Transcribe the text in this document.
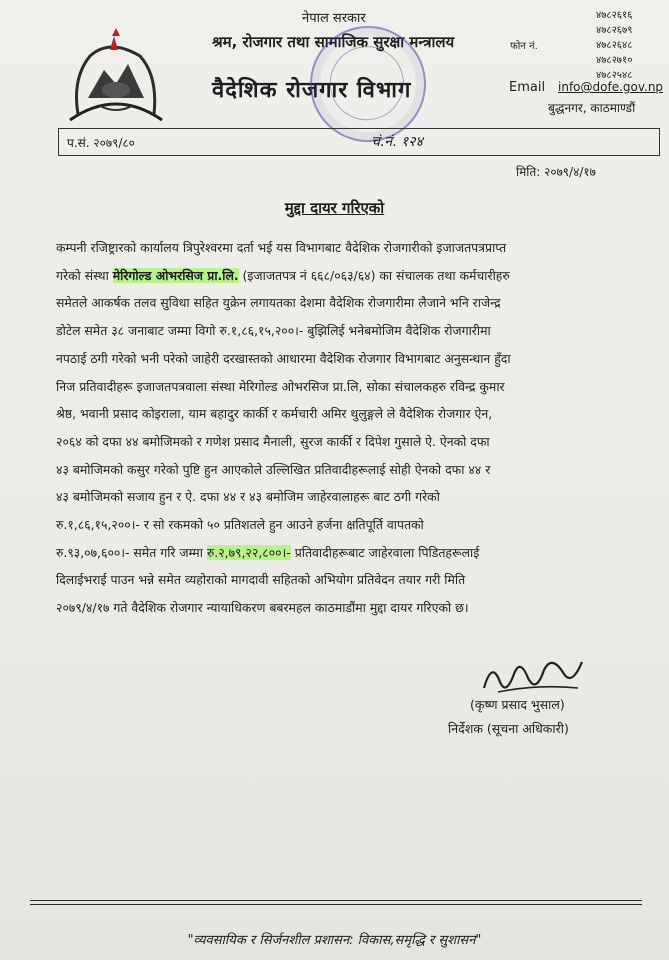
नेपाल सरकार
श्रम, रोजगार तथा सामाजिक सुरक्षा मन्त्रालय
वैदेशिक रोजगार विभाग
फोन नं.
४७८२६१६
४७८२६७९
४७८२६४८
४७८२७१०
४७८२५४८
Email info@dofe.gov.np
बुद्धनगर, काठमाण्डौं
प.सं. २०७९/८०	चं.नं. १२४
मिति: २०७९/४/१७
मुद्दा दायर गरिएको
कम्पनी रजिष्ट्रारको कार्यालय त्रिपुरेश्वरमा दर्ता भई यस विभागबाट वैदेशिक रोजगारीको इजाजतपत्रप्राप्त
गरेको संस्था मेरिगोल्ड ओभरसिज प्रा.लि. (इजाजतपत्र नं ६६८/०६३/६४) का संचालक तथा कर्मचारीहरु
समेतले आकर्षक तलव सुविधा सहित युक्रेन लगायतका देशमा वैदेशिक रोजगारीमा लैजाने भनि राजेन्द्र
डोटेल समेत ३८ जनाबाट जम्मा विगो रु.१,८६,१५,२००।- बुझिलिई भनेबमोजिम वैदेशिक रोजगारीमा
नपठाई ठगी गरेको भनी परेको जाहेरी दरखास्तको आधारमा वैदेशिक रोजगार विभागबाट अनुसन्धान हुँदा
निज प्रतिवादीहरू इजाजतपत्रवाला संस्था मेरिगोल्ड ओभरसिज प्रा.लि, सोका संचालकहरु रविन्द्र कुमार
श्रेष्ठ, भवानी प्रसाद कोइराला, याम बहादुर कार्की र कर्मचारी अमिर थुलुङ्गले ले वैदेशिक रोजगार ऐन,
२०६४ को दफा ४४ बमोजिमको र गणेश प्रसाद मैनाली, सुरज कार्की र दिपेश गुसाले ऐ. ऐनको दफा
४३ बमोजिमको कसुर गरेको पुष्टि हुन आएकोले उल्लिखित प्रतिवादीहरूलाई सोही ऐनको दफा ४४ र
४३ बमोजिमको सजाय हुन र ऐ. दफा ४४ र ४३ बमोजिम जाहेरवालाहरू बाट ठगी गरेको
रु.१,८६,१५,२००।- र सो रकमको ५० प्रतिशतले हुन आउने हर्जना क्षतिपूर्ति वापतको
रु.९३,०७,६००।- समेत गरि जम्मा रु.२,७९,२२,८००।- प्रतिवादीहरूबाट जाहेरवाला पिडितहरूलाई
दिलाईभराई पाउन भन्ने समेत व्यहोराको मागदावी सहितको अभियोग प्रतिवेदन तयार गरी मिति
२०७९/४/१७ गते वैदेशिक रोजगार न्यायाधिकरण बबरमहल काठमाडौंमा मुद्दा दायर गरिएको छ।
(कृष्ण प्रसाद भुसाल)
निर्देशक (सूचना अधिकारी)
"व्यवसायिक र सिर्जनशील प्रशासन: विकास,समृद्धि र सुशासन"
